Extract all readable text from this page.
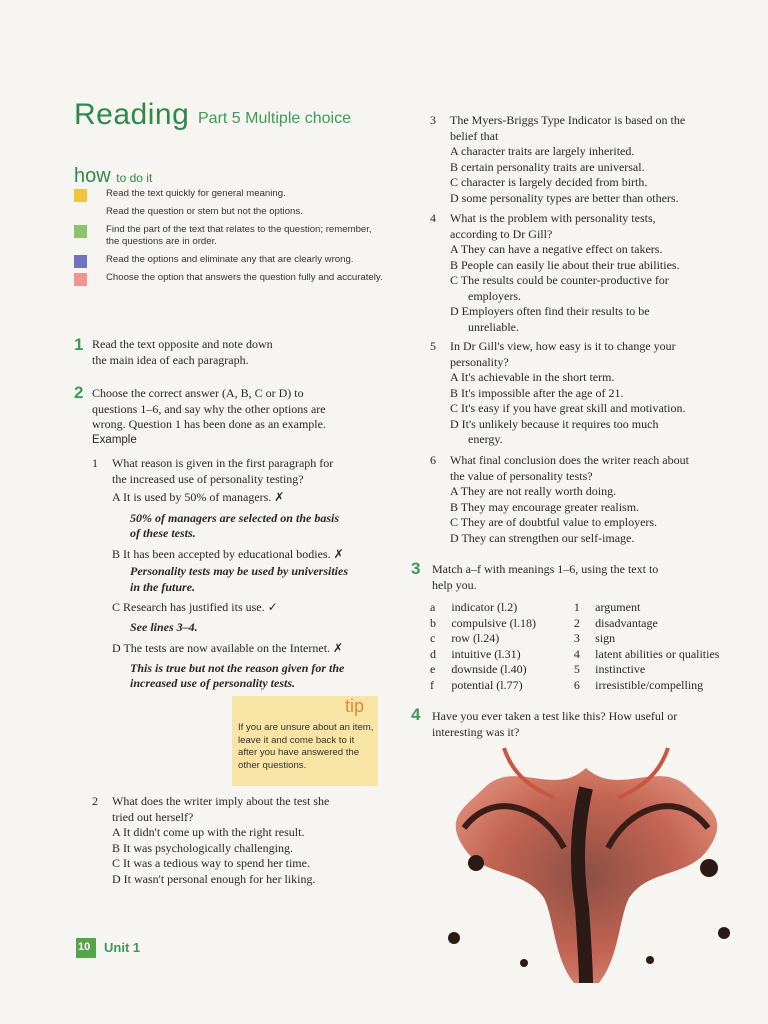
Reading Part 5 Multiple choice
how to do it
Read the text quickly for general meaning.
Read the question or stem but not the options.
Find the part of the text that relates to the question; remember, the questions are in order.
Read the options and eliminate any that are clearly wrong.
Choose the option that answers the question fully and accurately.
1 Read the text opposite and note down
the main idea of each paragraph.
2 Choose the correct answer (A, B, C or D) to
questions 1–6, and say why the other options are
wrong. Question 1 has been done as an example.
Example
1 What reason is given in the first paragraph for
the increased use of personality testing?
A It is used by 50% of managers. ✗
50% of managers are selected on the basis
of these tests.
B It has been accepted by educational bodies. ✗
Personality tests may be used by universities
in the future.
C Research has justified its use. ✓
See lines 3–4.
D The tests are now available on the Internet. ✗
This is true but not the reason given for the
increased use of personality tests.
tip
If you are unsure about an item, leave it and come back to it after you have answered the other questions.
2 What does the writer imply about the test she
tried out herself?
A It didn't come up with the right result.
B It was psychologically challenging.
C It was a tedious way to spend her time.
D It wasn't personal enough for her liking.
10 Unit 1
3 The Myers-Briggs Type Indicator is based on the
belief that
A character traits are largely inherited.
B certain personality traits are universal.
C character is largely decided from birth.
D some personality types are better than others.
4 What is the problem with personality tests,
according to Dr Gill?
A They can have a negative effect on takers.
B People can easily lie about their true abilities.
C The results could be counter-productive for
employers.
D Employers often find their results to be
unreliable.
5 In Dr Gill's view, how easy is it to change your
personality?
A It's achievable in the short term.
B It's impossible after the age of 21.
C It's easy if you have great skill and motivation.
D It's unlikely because it requires too much
energy.
6 What final conclusion does the writer reach about
the value of personality tests?
A They are not really worth doing.
B They may encourage greater realism.
C They are of doubtful value to employers.
D They can strengthen our self-image.
3 Match a–f with meanings 1–6, using the text to
help you.
a	indicator (l.2)	1	argument
b	compulsive (l.18)	2	disadvantage
c	row (l.24)	3	sign
d	intuitive (l.31)	4	latent abilities or qualities
e	downside (l.40)	5	instinctive
f	potential (l.77)	6	irresistible/compelling
4 Have you ever taken a test like this? How useful or
interesting was it?
